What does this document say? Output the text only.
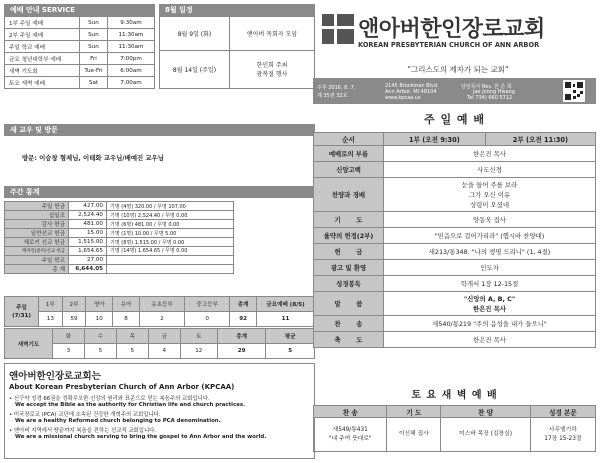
예배 안내 SERVICE
1부 주일 예배	Sun	9:30am
2부 주일 예배	Sun	11:30am
주일 학교 예배	Sun	11:30am
금요 청년대학부 예배	Fri	7:00pm
새벽 기도회	Tue-Fri	6:00am
토요 새벽 예배	Sat	7:00am
8월 일정
8월 9일 (화)	앤아버 목회자 모임
8월 14일 (주일)	한인회 주최
광복절 행사
새 교우 및 방문
방문: 이승창 형제님, 이태화 교우님/배예진 교우님
주간 통계
주일 헌금	427.00	기명 (4명) 320.00 / 무명 107.00
십일조	2,524.40	기명 (10명) 2,524.40 / 무명 0.00
감사 헌금	481.00	기명 (6명) 481.00 / 무명 0.00
일반선교 헌금	15.00	기명 (1명) 10.00 / 무명 5.00
체로키 선교 헌금	1,515.00	기명 (8명) 1,515.00 / 무명 0.00
캐머런(중미)선교 헌금	1,654.65	기명 (14명) 1,654.65 / 무명 0.00
주일 학교	27.00	
총 계	6,644.05	
주일
(7/31)	1부	2부	영아	유아	유초등부	중고등부	총계	금요예배 (8/5)
	13	59	10	8	2	0	92	11
새벽기도	화	수	목	금	토	총계	평균
	3	5	5	4	12	29	5
앤아버한인장로교회는
About Korean Presbyterian Church of Ann Arbor (KPCAA)
• 신구약 성경 66권을 정확무오한 신앙의 원리와 표준으로 믿는 복음주의 교회입니다.
We accept the Bible as the authority for Christian life and church practices.
• 미국장로교 (PCA) 교단에 소속된 건강한 개혁주의 교회입니다.
We are a healthy Reformed church belonging to PCA denomination.
• 앤아버 지역에서 땅끝까지 복음을 전하는 선교적 교회입니다.
We are a missional church serving to bring the gospel to Ann Arbor and the world.
앤아버한인장로교회
KOREAN PRESBYTERIAN CHURCH OF ANN ARBOR
"그리스도의 제자가 되는 교회"
주후 2016. 8. 7.
제 35권 32호
2145 Brockman Blvd.
Ann Arbor, MI 48104
www.kpcaa.us
담임목사 Rev. 한 준 희
Jae Joong Hwang
Tel 734) 660 5712
주 일 예 배
순서	1부 (오전 9:30)	2부 (오전 11:30)
예배로의 부름	한은진 목사	
신앙고백	사도신경	
찬양과 경배	눈을 들어 주를 보라
그가 오신 이유
성령이 오셨네	
기       도	양동욱 집사	
율약의 헌정(2부)	"믿음으로 걸어가리라" (헵시바 찬양대)	
헌       금	새213/통348. "나의 생명 드리니" (1, 4절)	
광고 및 환영	인도자	
성경봉독	학개서 1장 12-15절	
말       씀	"신앙의 A, B, C"
한은진 목사	
찬       송	새540/통219 "주의 음성을 내가 들으니"	
축       도	한은진 목사	
토 요 새 벽 예 배
찬 송	기 도	찬 양	성경 본문
새549/통431
"내 주여 뜻대로"	이신혜 집사	미스바 목장 (김창실)	사무엘기하
17장 15-23절
